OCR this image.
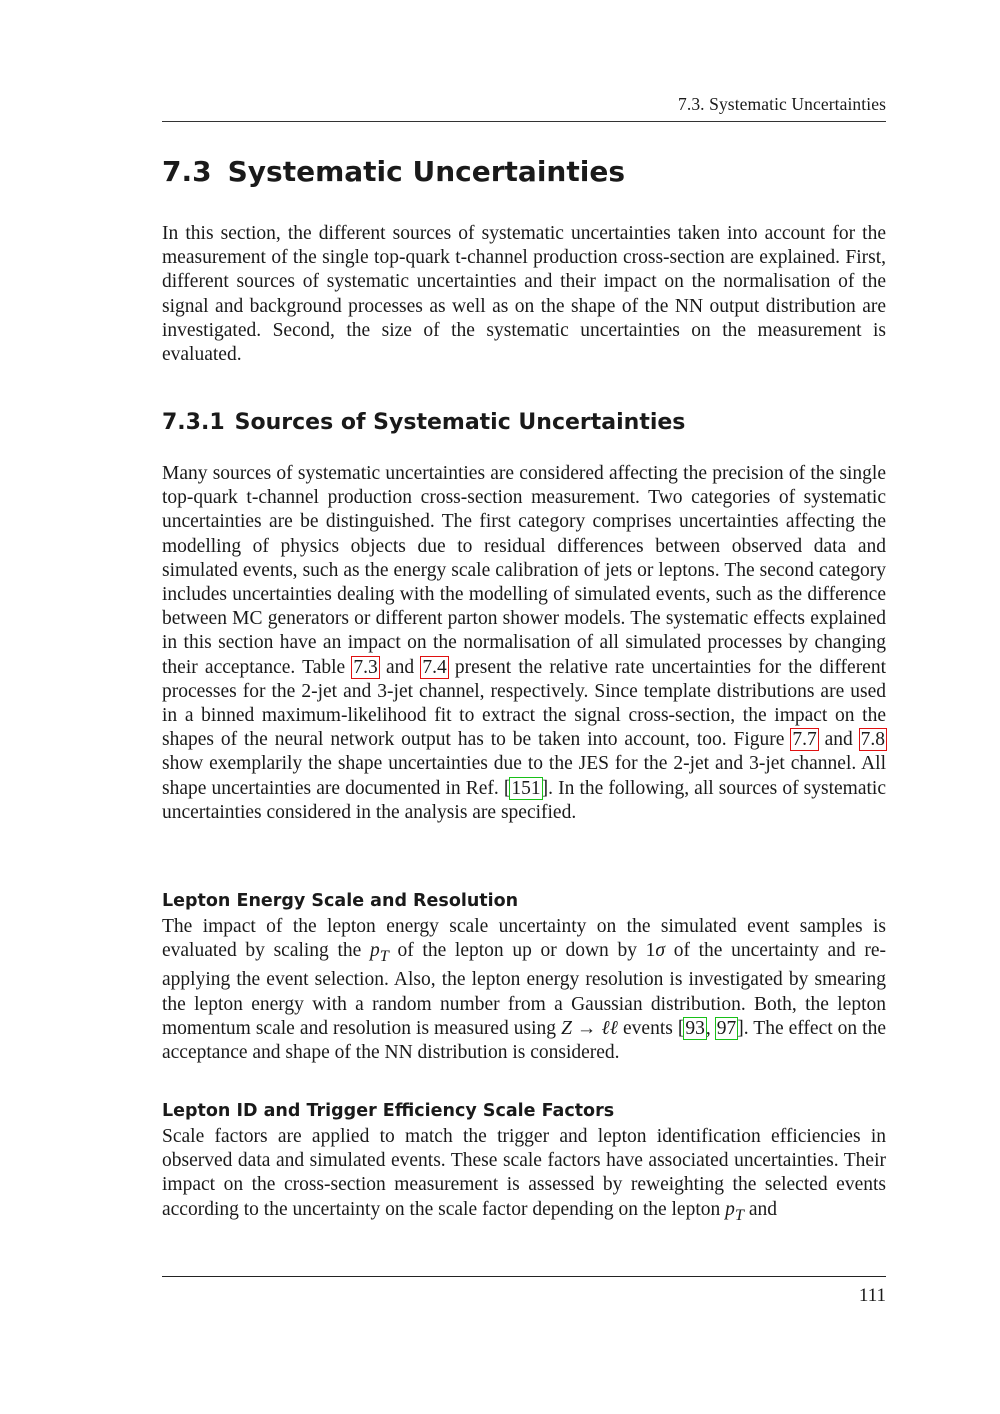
7.3. Systematic Uncertainties
7.3 Systematic Uncertainties

In this section, the different sources of systematic uncertainties taken into account for the measurement of the single top-quark t-channel production cross-section are explained. First, different sources of systematic uncertainties and their impact on the normalisation of the signal and background processes as well as on the shape of the NN output distribution are investigated. Second, the size of the systematic uncertainties on the measurement is evaluated.

7.3.1 Sources of Systematic Uncertainties

Many sources of systematic uncertainties are considered affecting the precision of the single top-quark t-channel production cross-section measurement. Two categories of systematic uncertainties are be distinguished. The first category comprises uncertainties affecting the modelling of physics objects due to residual differences between observed data and simulated events, such as the energy scale calibration of jets or leptons. The second category includes uncertainties dealing with the modelling of simulated events, such as the difference between MC generators or different parton shower models. The systematic effects explained in this section have an impact on the normalisation of all simulated processes by changing their acceptance. Table 7.3 and 7.4 present the relative rate uncertainties for the different processes for the 2-jet and 3-jet channel, respectively. Since template distributions are used in a binned maximum-likelihood fit to extract the signal cross-section, the impact on the shapes of the neural network output has to be taken into account, too. Figure 7.7 and 7.8 show exemplarily the shape uncertainties due to the JES for the 2-jet and 3-jet channel. All shape uncertainties are documented in Ref. [151]. In the following, all sources of systematic uncertainties considered in the analysis are specified.

Lepton Energy Scale and Resolution

The impact of the lepton energy scale uncertainty on the simulated event samples is evaluated by scaling the $p_T$ of the lepton up or down by 1σ of the uncertainty and re-applying the event selection. Also, the lepton energy resolution is investigated by smearing the lepton energy with a random number from a Gaussian distribution. Both, the lepton momentum scale and resolution is measured using Z → ℓℓ events [93, 97]. The effect on the acceptance and shape of the NN distribution is considered.

Lepton ID and Trigger Efficiency Scale Factors

Scale factors are applied to match the trigger and lepton identification efficiencies in observed data and simulated events. These scale factors have associated uncertainties. Their impact on the cross-section measurement is assessed by reweighting the selected events according to the uncertainty on the scale factor depending on the lepton $p_T$ and

111
